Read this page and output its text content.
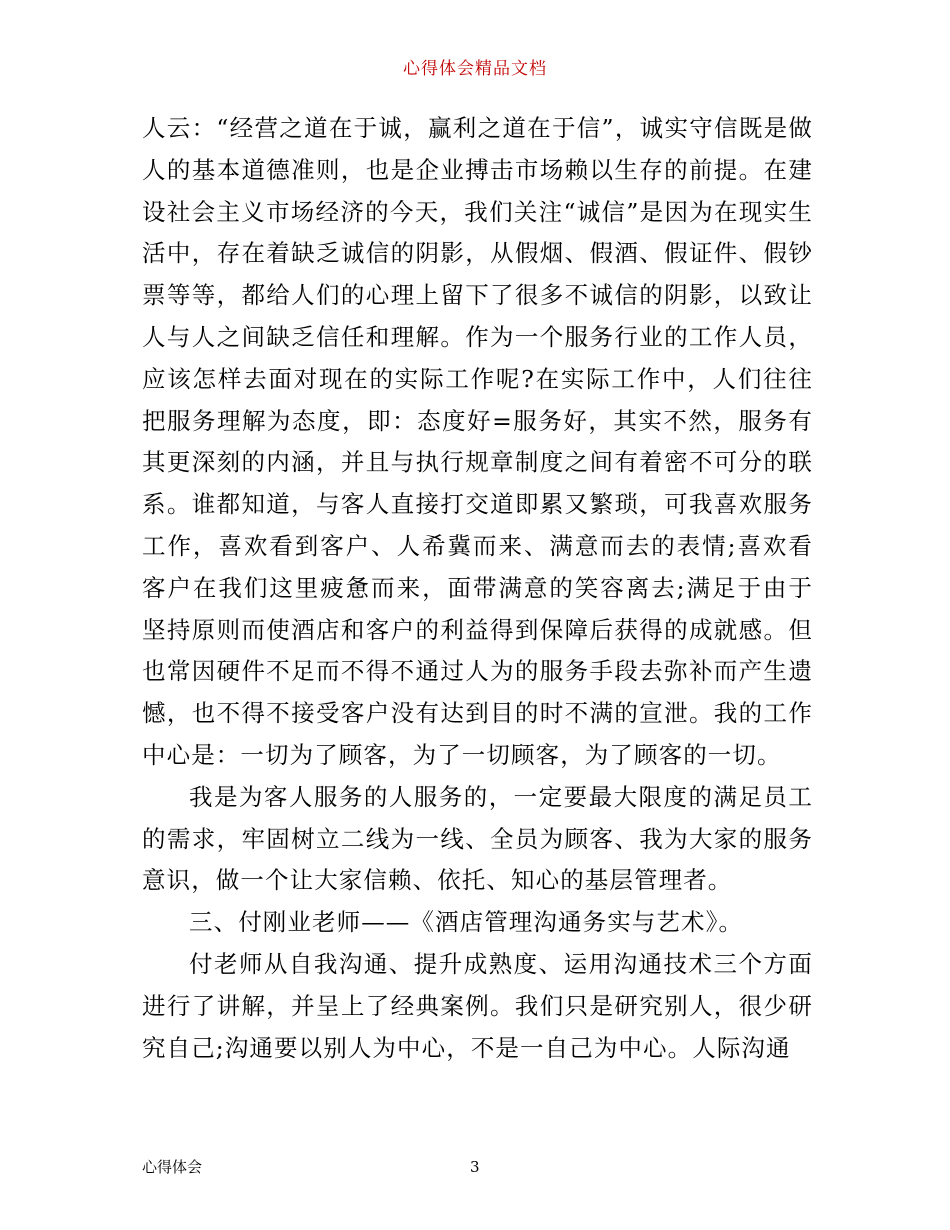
心得体会精品文档

人云：“经营之道在于诚，赢利之道在于信”，诚实守信既是做人的基本道德准则，也是企业搏击市场赖以生存的前提。在建设社会主义市场经济的今天，我们关注“诚信”是因为在现实生活中，存在着缺乏诚信的阴影，从假烟、假酒、假证件、假钞票等等，都给人们的心理上留下了很多不诚信的阴影，以致让人与人之间缺乏信任和理解。作为一个服务行业的工作人员，应该怎样去面对现在的实际工作呢?在实际工作中，人们往往把服务理解为态度，即：态度好=服务好，其实不然，服务有其更深刻的内涵，并且与执行规章制度之间有着密不可分的联系。谁都知道，与客人直接打交道即累又繁琐，可我喜欢服务工作，喜欢看到客户、人希冀而来、满意而去的表情;喜欢看客户在我们这里疲惫而来，面带满意的笑容离去;满足于由于坚持原则而使酒店和客户的利益得到保障后获得的成就感。但也常因硬件不足而不得不通过人为的服务手段去弥补而产生遗憾，也不得不接受客户没有达到目的时不满的宣泄。我的工作中心是：一切为了顾客，为了一切顾客，为了顾客的一切。

我是为客人服务的人服务的，一定要最大限度的满足员工的需求，牢固树立二线为一线、全员为顾客、我为大家的服务意识，做一个让大家信赖、依托、知心的基层管理者。

三、付刚业老师——《酒店管理沟通务实与艺术》。

付老师从自我沟通、提升成熟度、运用沟通技术三个方面进行了讲解，并呈上了经典案例。我们只是研究别人，很少研究自己;沟通要以别人为中心，不是一自己为中心。人际沟通

心得体会	3
